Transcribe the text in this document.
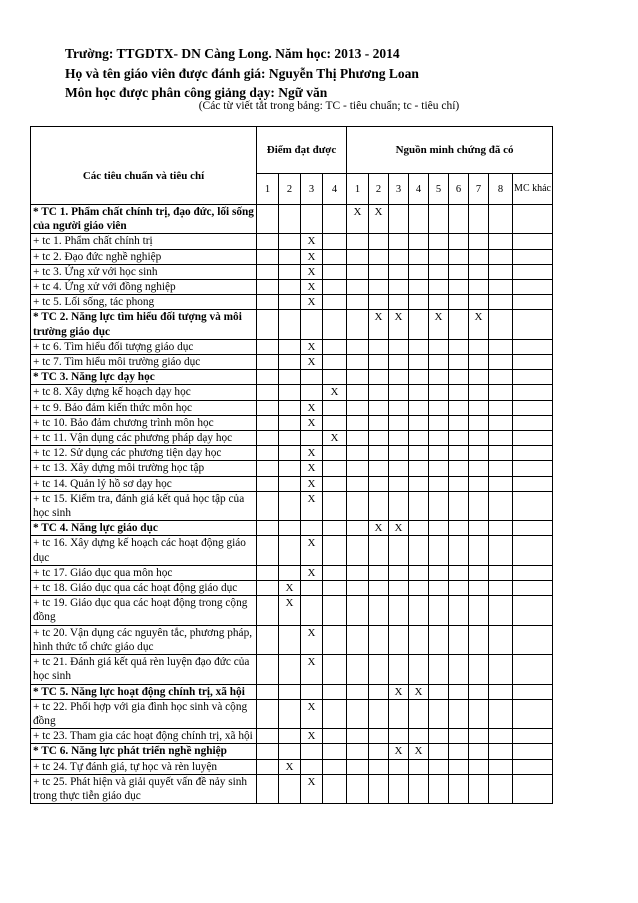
Trường: TTGDTX- DN Càng Long. Năm học: 2013 - 2014
Họ và tên giáo viên được đánh giá: Nguyễn Thị Phương Loan
Môn học được phân công giảng dạy: Ngữ văn
(Các từ viết tắt trong bảng: TC - tiêu chuẩn; tc - tiêu chí)
Các tiêu chuẩn và tiêu chí	Điểm đạt được				Nguồn minh chứng đã có								
	1	2	3	4	1	2	3	4	5	6	7	8	MC khác
* TC 1. Phẩm chất chính trị, đạo đức, lối sống của người giáo viên					X	X							
+ tc 1. Phẩm chất chính trị			X										
+ tc 2. Đạo đức nghề nghiệp			X										
+ tc 3. Ứng xử với học sinh			X										
+ tc 4. Ứng xử với đồng nghiệp			X										
+ tc 5. Lối sống, tác phong			X										
* TC 2. Năng lực tìm hiểu đối tượng và môi trường giáo dục						X	X		X		X		
+ tc 6. Tìm hiểu đối tượng giáo dục			X										
+ tc 7. Tìm hiểu môi trường giáo dục			X										
* TC 3. Năng lực dạy học													
+ tc 8. Xây dựng kế hoạch dạy học				X									
+ tc 9. Bảo đảm kiến thức môn học			X										
+ tc 10. Bảo đảm chương trình môn học			X										
+ tc 11. Vận dụng các phương pháp dạy học				X									
+ tc 12. Sử dụng các phương tiện dạy học			X										
+ tc 13. Xây dựng môi trường học tập			X										
+ tc 14. Quản lý hồ sơ dạy học			X										
+ tc 15. Kiểm tra, đánh giá kết quả học tập của học sinh			X										
* TC 4. Năng lực giáo dục						X	X						
+ tc 16. Xây dựng kế hoạch các hoạt động giáo dục			X										
+ tc 17. Giáo dục qua môn học			X										
+ tc 18. Giáo dục qua các hoạt động giáo dục		X											
+ tc 19. Giáo dục qua các hoạt động trong cộng đồng		X											
+ tc 20. Vận dụng các nguyên tắc, phương pháp, hình thức tổ chức giáo dục			X										
+ tc 21. Đánh giá kết quả rèn luyện đạo đức của học sinh			X										
* TC 5. Năng lực hoạt động chính trị, xã hội							X	X					
+ tc 22. Phối hợp với gia đình học sinh và cộng đồng			X										
+ tc 23. Tham gia các hoạt động chính trị, xã hội			X										
* TC 6. Năng lực phát triển nghề nghiệp							X	X					
+ tc 24. Tự đánh giá, tự học và rèn luyện		X											
+ tc 25. Phát hiện và giải quyết vấn đề nảy sinh trong thực tiễn giáo dục			X										
